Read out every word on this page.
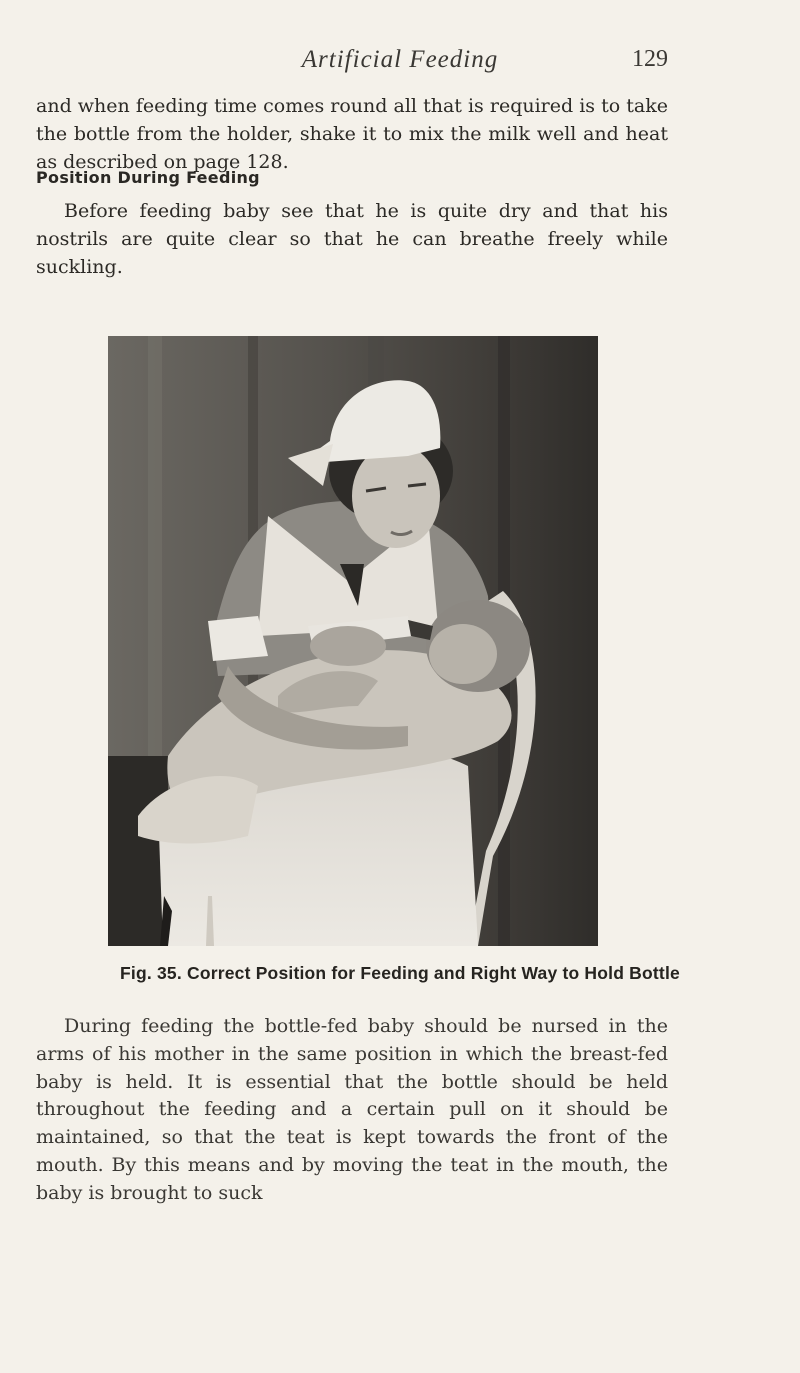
Artificial Feeding	129

and when feeding time comes round all that is required is to take the bottle from the holder, shake it to mix the milk well and heat as described on page 128.

Position During Feeding

Before feeding baby see that he is quite dry and that his nostrils are quite clear so that he can breathe freely while suckling.

Fig. 35. Correct Position for Feeding and Right Way to Hold Bottle

During feeding the bottle-fed baby should be nursed in the arms of his mother in the same position in which the breast-fed baby is held. It is essential that the bottle should be held throughout the feeding and a certain pull on it should be maintained, so that the teat is kept towards the front of the mouth. By this means and by moving the teat in the mouth, the baby is brought to suck
